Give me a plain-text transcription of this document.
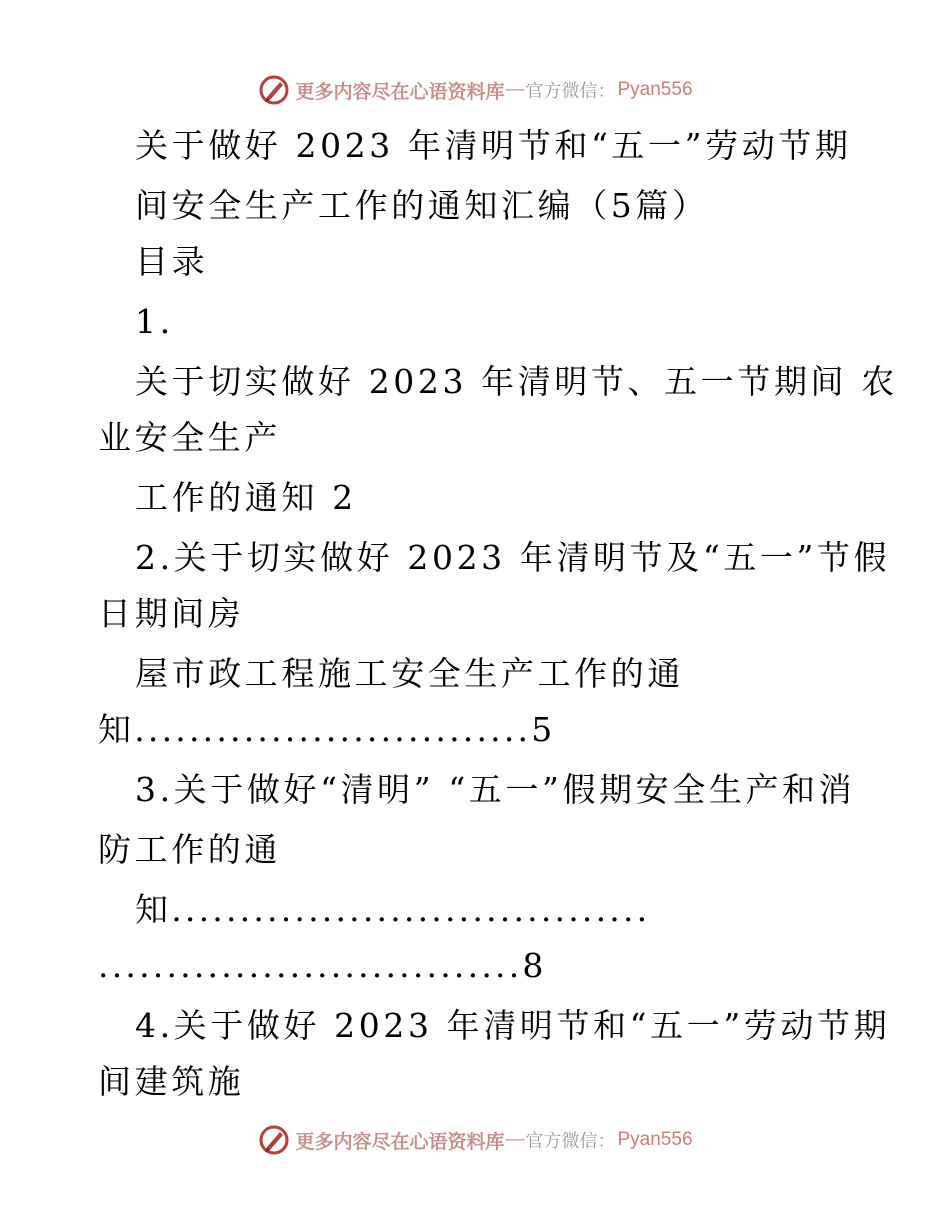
更多内容尽在心语资料库 — 官方微信： Pyan556
关于做好 2023 年清明节和“五一”劳动节期
间安全生产工作的通知汇编（5篇）
目录
1.
关于切实做好 2023 年清明节、五一节期间 农
业安全生产
工作的通知 2
2.关于切实做好 2023 年清明节及“五一”节假
日期间房
屋市政工程施工安全生产工作的通
知.............................5
3.关于做好“清明” “五一”假期安全生产和消
防工作的通
知...................................
...............................8
4.关于做好 2023 年清明节和“五一”劳动节期
间建筑施
更多内容尽在心语资料库 — 官方微信： Pyan556
